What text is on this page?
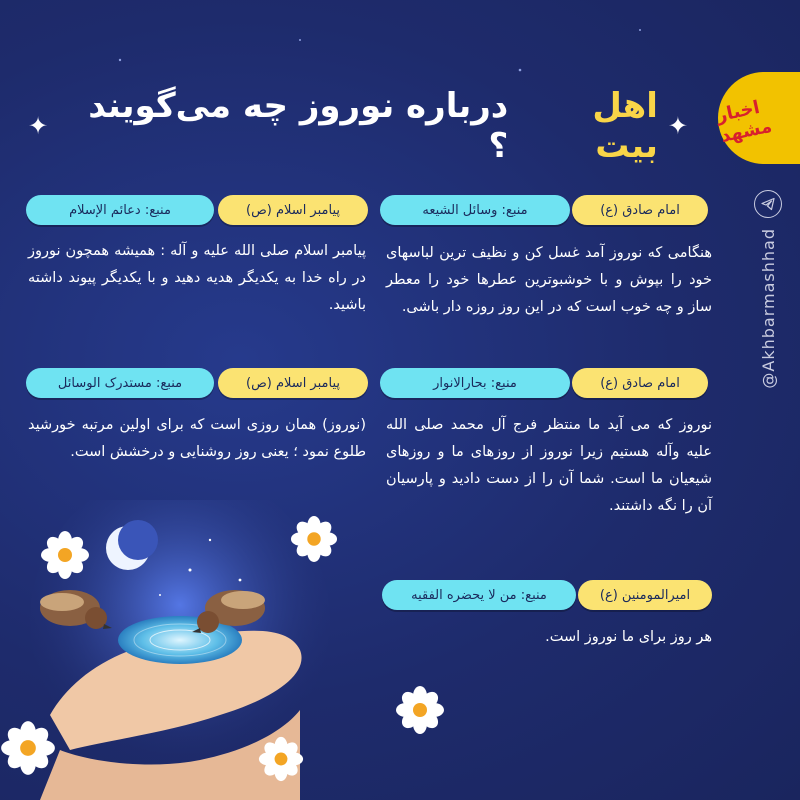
✦
اهل بیت
درباره نوروز چه می‌گویند ؟
✦	اخبار مشهد
@Akhbarmashhad
امام صادق (ع)
منبع: وسائل الشیعه
هنگامی که نوروز آمد غسل کن و نظیف ترین لباسهای خود را بپوش و با خوشبوترین عطرها خود را معطر ساز و چه خوب است که در این روز روزه دار باشی.
پیامبر اسلام (ص)
منبع: دعائم الإسلام
پیامبر اسلام صلی الله علیه و آله : همیشه همچون نوروز در راه خدا به یکدیگر هدیه دهید و با یکدیگر پیوند داشته باشید.
امام صادق (ع)
منبع: بحارالانوار
نوروز که می آید ما منتظر فرج آل محمد صلی الله علیه وآله هستیم زیرا نوروز از روزهای ما و روزهای شیعیان ما است. شما آن را از دست دادید و پارسیان آن را نگه داشتند.
پیامبر اسلام (ص)
منبع: مستدرک الوسائل
(نوروز) همان روزی است که برای اولین مرتبه خورشید طلوع نمود ؛ یعنی روز روشنایی و درخشش است.
امیرالمومنین (ع)
منبع: من لا یحضره الفقیه
هر روز برای ما نوروز است.
